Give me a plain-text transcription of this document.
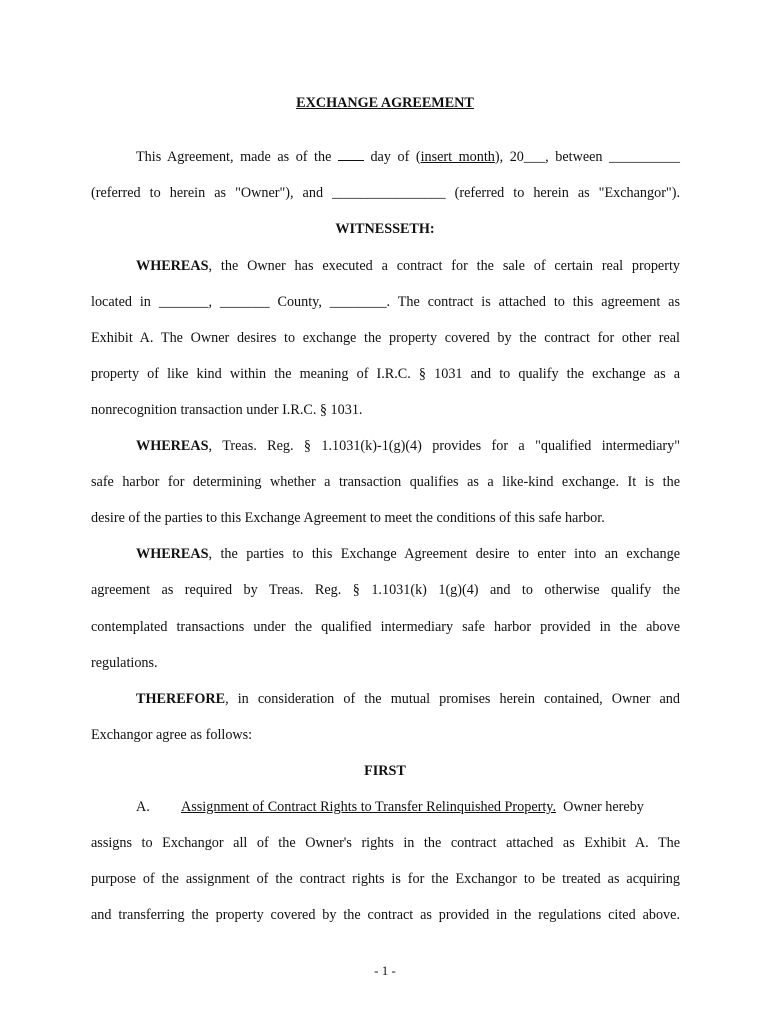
EXCHANGE AGREEMENT
This Agreement, made as of the  day of (insert month), 20___, between __________
(referred to herein as "Owner"), and ________________ (referred to herein as "Exchangor").
WITNESSETH:
WHEREAS, the Owner has executed a contract for the sale of certain real property
located in _______, _______ County, ________. The contract is attached to this agreement as
Exhibit A. The Owner desires to exchange the property covered by the contract for other real
property of like kind within the meaning of I.R.C. § 1031 and to qualify the exchange as a
nonrecognition transaction under I.R.C. § 1031.
WHEREAS, Treas. Reg. § 1.1031(k)-1(g)(4) provides for a "qualified intermediary"
safe harbor for determining whether a transaction qualifies as a like-kind exchange. It is the
desire of the parties to this Exchange Agreement to meet the conditions of this safe harbor.
WHEREAS, the parties to this Exchange Agreement desire to enter into an exchange
agreement as required by Treas. Reg. § 1.1031(k) 1(g)(4) and to otherwise qualify the
contemplated transactions under the qualified intermediary safe harbor provided in the above
regulations.
THEREFORE, in consideration of the mutual promises herein contained, Owner and
Exchangor agree as follows:
FIRST
A. Assignment of Contract Rights to Transfer Relinquished Property.  Owner hereby
assigns to Exchangor all of the Owner's rights in the contract attached as Exhibit A. The
purpose of the assignment of the contract rights is for the Exchangor to be treated as acquiring
and transferring the property covered by the contract as provided in the regulations cited above.
- 1 -
